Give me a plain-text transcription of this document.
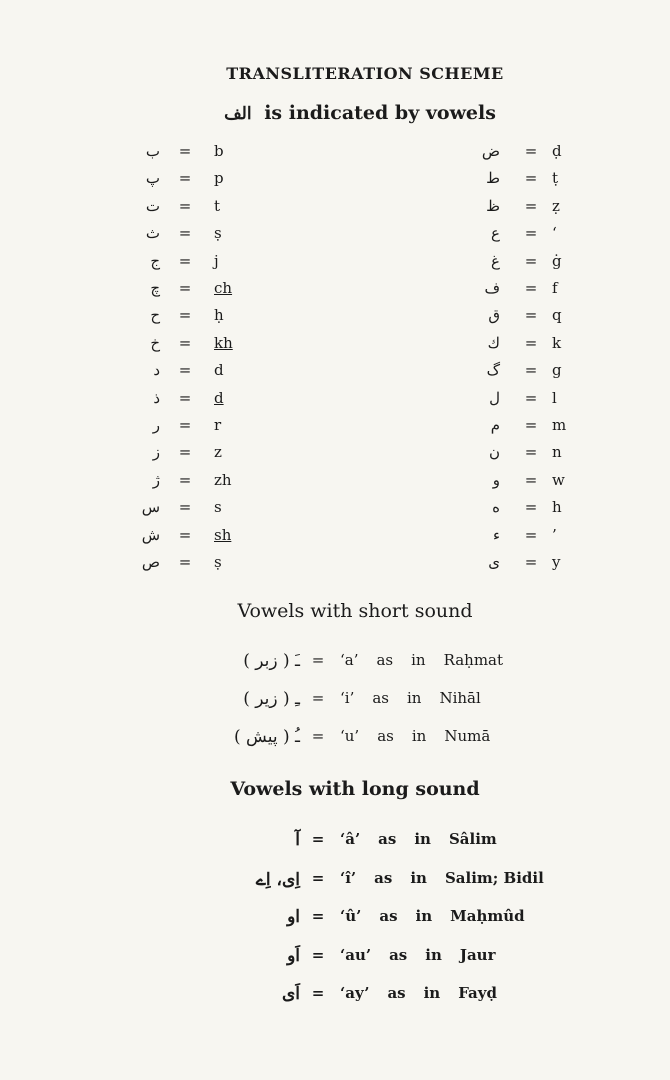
TRANSLITERATION SCHEME
الف is indicated by vowels
ب	=	b
پ	=	p
ت	=	t
ث	=	ṣ
ج	=	j
چ	=	ch
ح	=	ḥ
خ	=	kh
د	=	d
ذ	=	d
ر	=	r
ز	=	z
ژ	=	zh
س	=	s
ش	=	sh
ص	=	ṣ
ض	= ḍ
ط	= ṭ
ظ	= ẓ
ع	= ‘
غ	= ġ
ف	= f
ق	= q
ك	= k
گ	= g
ل	= l
م	= m
ن	= n
و	= w
ه	= h
ء	= ’
ی	= y
Vowels with short sound
ـَ ( زبر ) = ‘a’ as in Raḥmat
ـِ ( زیر ) = ‘i’ as in Nihāl
ـُ ( پیش ) = ‘u’ as in Numā
Vowels with long sound
آ = ‘â’ as in Sâlim
اِی، اِے = ‘î’ as in Salim; Bidil
او = ‘û’ as in Maḥmûd
اَو = ‘au’ as in Jaur
اَی = ‘ay’ as in Fayḍ
